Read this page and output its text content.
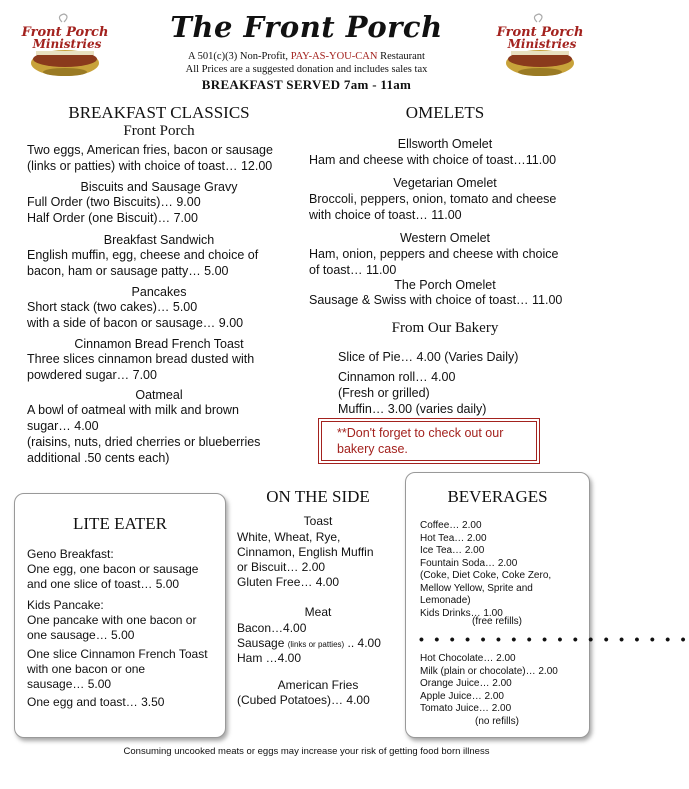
Front Porch
Ministries
Front Porch
Ministries
The Front Porch
A 501(c)(3) Non-Profit, PAY-AS-YOU-CAN Restaurant
All Prices are a suggested donation and includes sales tax
BREAKFAST SERVED 7am - 11am
BREAKFAST CLASSICS
Front Porch
Two eggs, American fries, bacon or sausage
(links or patties) with choice of toast… 12.00
Biscuits and Sausage Gravy
Full Order (two Biscuits)… 9.00
Half Order (one Biscuit)… 7.00
Breakfast Sandwich
English muffin, egg, cheese and choice of
bacon, ham or sausage patty… 5.00
Pancakes
Short stack (two cakes)… 5.00
with a side of bacon or sausage… 9.00
Cinnamon Bread French Toast
Three slices cinnamon bread dusted with
powdered sugar… 7.00
Oatmeal
A bowl of oatmeal with milk and brown
sugar… 4.00
(raisins, nuts, dried cherries or blueberries
additional .50 cents each)
OMELETS
Ellsworth Omelet
Ham and cheese with choice of toast…11.00
Vegetarian Omelet
Broccoli, peppers, onion, tomato and cheese
with choice of toast… 11.00
Western Omelet
Ham, onion, peppers and cheese with choice
of toast… 11.00
The Porch Omelet
Sausage & Swiss with choice of toast… 11.00
From Our Bakery
Slice of Pie… 4.00 (Varies Daily)
Cinnamon roll… 4.00
(Fresh or grilled)
Muffin… 3.00 (varies daily)
**Don't forget to check out our
bakery case.
LITE EATER
Geno Breakfast:
One egg, one bacon or sausage
and one slice of toast… 5.00
Kids Pancake:
One pancake with one bacon or
one sausage… 5.00
One slice Cinnamon French Toast
with one bacon or one
sausage… 5.00
One egg and toast… 3.50
ON THE SIDE
Toast
White, Wheat, Rye,
Cinnamon, English Muffin
or Biscuit… 2.00
Gluten Free… 4.00
Meat
Bacon…4.00
Sausage (links or patties) .. 4.00
Ham …4.00
American Fries
(Cubed Potatoes)… 4.00
BEVERAGES
Coffee… 2.00
Hot Tea… 2.00
Ice Tea… 2.00
Fountain Soda… 2.00
(Coke, Diet Coke, Coke Zero,
Mellow Yellow, Sprite and
Lemonade)
Kids Drinks… 1.00
(free refills)
• • • • • • • • • • • • • • • • • •
Hot Chocolate… 2.00
Milk (plain or chocolate)… 2.00
Orange Juice… 2.00
Apple Juice… 2.00
Tomato Juice… 2.00
(no refills)
Consuming uncooked meats or eggs may increase your risk of getting food born illness
